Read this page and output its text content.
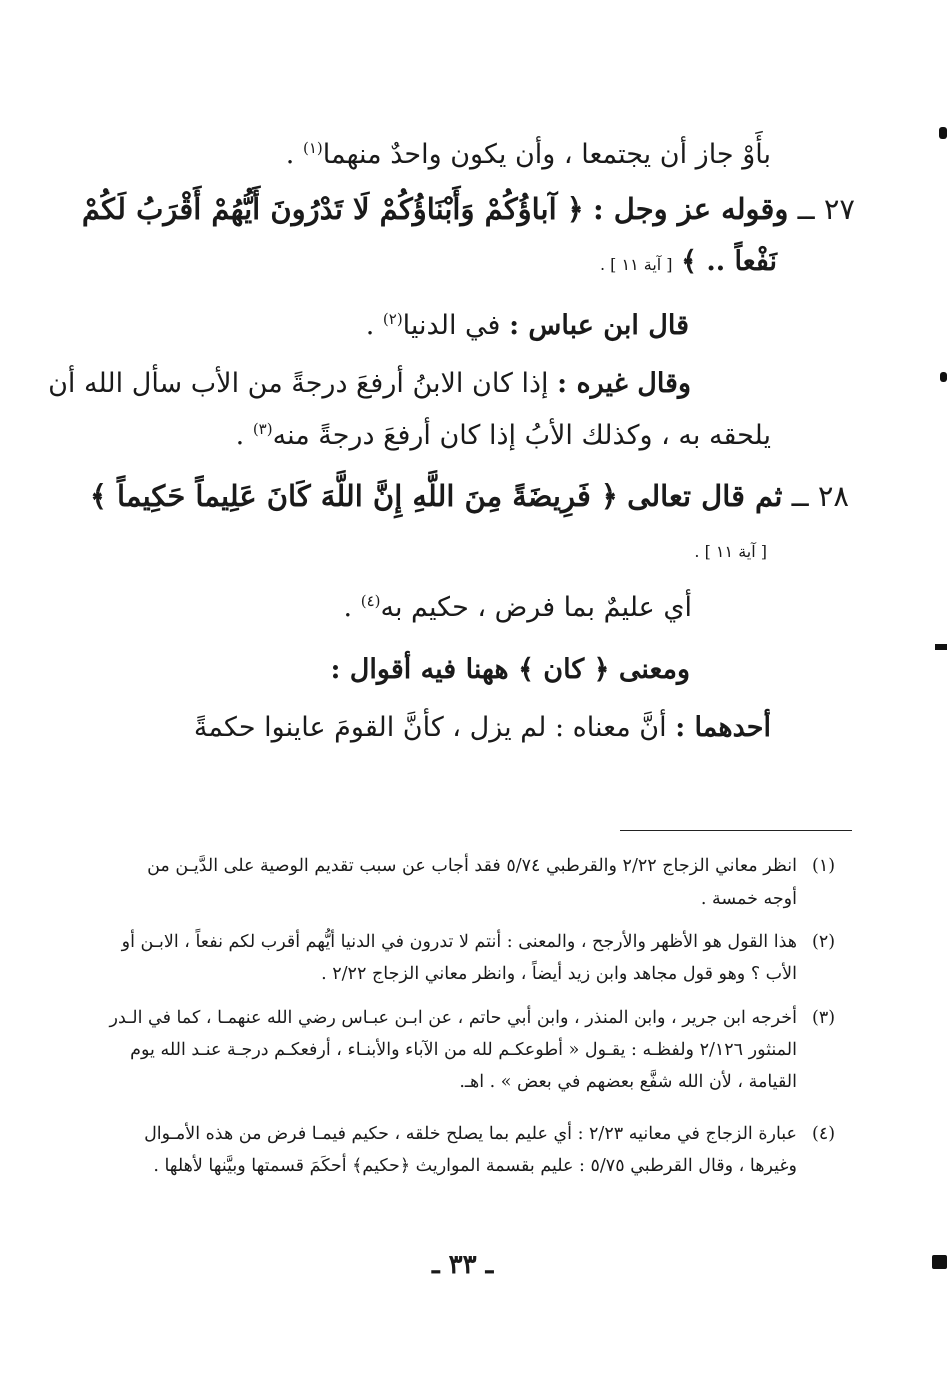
بأَوْ جاز أن يجتمعا ، وأن يكون واحدٌ منهما$^{(١)}$ .
٢٧ ــ وقوله عز وجل : ﴿ آباؤُكُمْ وَأَبْنَاؤُكُمْ لَا تَدْرُونَ أَيُّهُمْ أَقْرَبُ لَكُمْ
نَفْعاً .. ﴾ [ آية ١١ ] .
قال ابن عباس : في الدنيا$^{(٢)}$ .
وقال غيره : إذا كان الابنُ أرفعَ درجةً من الأب سأل الله أن
يلحقه به ، وكذلك الأبُ إذا كان أرفعَ درجةً منه$^{(٣)}$ .
٢٨ ــ ثم قال تعالى ﴿ فَرِيضَةً مِنَ اللَّهِ إِنَّ اللَّهَ كَانَ عَلِيماً حَكِيماً ﴾
[ آية ١١ ] .
أي عليمٌ بما فرض ، حكيم به$^{(٤)}$ .
ومعنى ﴿ كان ﴾ ههنا فيه أقوال :
أحدهما : أنَّ معناه : لم يزل ، كأنَّ القومَ عاينوا حكمةً
(١)
انظر معاني الزجاج ٢/٢٢ والقرطبي ٥/٧٤ فقد أجاب عن سبب تقديم الوصية على الدَّيـن من
أوجه خمسة .
(٢)
هذا القول هو الأظهر والأرجح ، والمعنى : أنتم لا تدرون في الدنيا أيُّهم أقرب لكم نفعاً ، الابـن أو
الأب ؟ وهو قول مجاهد وابن زيد أيضاً ، وانظر معاني الزجاج ٢/٢٢ .
(٣)
أخرجه ابن جرير ، وابن المنذر ، وابن أبي حاتم ، عن ابـن عبـاس رضي الله عنهمـا ، كما في الـدر
المنثور ٢/١٢٦ ولفظـه : يقـول « أطوعكـم لله من الآباء والأبنـاء ، أرفعكـم درجـة عنـد الله يوم
القيامة ، لأن الله شفَّع بعضهم في بعض » . اهـ.
(٤)
عبارة الزجاج في معانيه ٢/٢٣ : أي عليم بما يصلح خلقه ، حكيم فيمـا فرض من هذه الأمـوال
وغيرها ، وقال القرطبي ٥/٧٥ : عليم بقسمة المواريث ﴿حكيم﴾ أحكَمَ قسمتها وبيَّنها لأهلها .
ـ ٣٣ ـ
